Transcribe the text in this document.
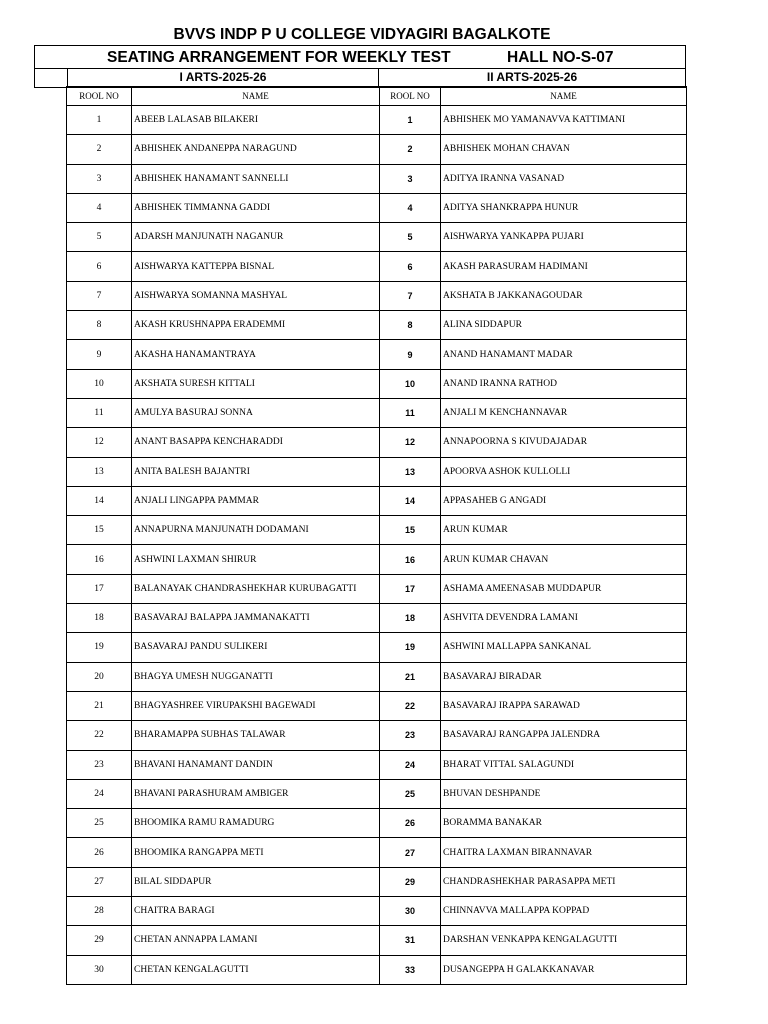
BVVS INDP P U COLLEGE VIDYAGIRI BAGALKOTE
SEATING ARRANGEMENT FOR WEEKLY TEST	HALL NO-S-07
I ARTS-2025-26	II ARTS-2025-26
ROOL NO	NAME	ROOL NO	NAME
1	ABEEB LALASAB BILAKERI	1	ABHISHEK MO YAMANAVVA KATTIMANI
2	ABHISHEK ANDANEPPA NARAGUND	2	ABHISHEK MOHAN CHAVAN
3	ABHISHEK HANAMANT SANNELLI	3	ADITYA IRANNA VASANAD
4	ABHISHEK TIMMANNA GADDI	4	ADITYA SHANKRAPPA HUNUR
5	ADARSH MANJUNATH NAGANUR	5	AISHWARYA YANKAPPA PUJARI
6	AISHWARYA KATTEPPA BISNAL	6	AKASH PARASURAM HADIMANI
7	AISHWARYA SOMANNA MASHYAL	7	AKSHATA B JAKKANAGOUDAR
8	AKASH KRUSHNAPPA ERADEMMI	8	ALINA SIDDAPUR
9	AKASHA HANAMANTRAYA	9	ANAND HANAMANT MADAR
10	AKSHATA SURESH KITTALI	10	ANAND IRANNA RATHOD
11	AMULYA BASURAJ SONNA	11	ANJALI M KENCHANNAVAR
12	ANANT BASAPPA KENCHARADDI	12	ANNAPOORNA S KIVUDAJADAR
13	ANITA BALESH BAJANTRI	13	APOORVA ASHOK KULLOLLI
14	ANJALI LINGAPPA PAMMAR	14	APPASAHEB G ANGADI
15	ANNAPURNA MANJUNATH DODAMANI	15	ARUN KUMAR
16	ASHWINI LAXMAN SHIRUR	16	ARUN KUMAR CHAVAN
17	BALANAYAK CHANDRASHEKHAR KURUBAGATTI	17	ASHAMA AMEENASAB MUDDAPUR
18	BASAVARAJ BALAPPA JAMMANAKATTI	18	ASHVITA DEVENDRA LAMANI
19	BASAVARAJ PANDU SULIKERI	19	ASHWINI MALLAPPA SANKANAL
20	BHAGYA UMESH NUGGANATTI	21	BASAVARAJ BIRADAR
21	BHAGYASHREE VIRUPAKSHI BAGEWADI	22	BASAVARAJ IRAPPA SARAWAD
22	BHARAMAPPA SUBHAS TALAWAR	23	BASAVARAJ RANGAPPA JALENDRA
23	BHAVANI HANAMANT DANDIN	24	BHARAT VITTAL SALAGUNDI
24	BHAVANI PARASHURAM AMBIGER	25	BHUVAN DESHPANDE
25	BHOOMIKA RAMU RAMADURG	26	BORAMMA BANAKAR
26	BHOOMIKA RANGAPPA METI	27	CHAITRA LAXMAN BIRANNAVAR
27	BILAL SIDDAPUR	29	CHANDRASHEKHAR PARASAPPA METI
28	CHAITRA BARAGI	30	CHINNAVVA MALLAPPA KOPPAD
29	CHETAN ANNAPPA LAMANI	31	DARSHAN VENKAPPA KENGALAGUTTI
30	CHETAN KENGALAGUTTI	33	DUSANGEPPA H GALAKKANAVAR
